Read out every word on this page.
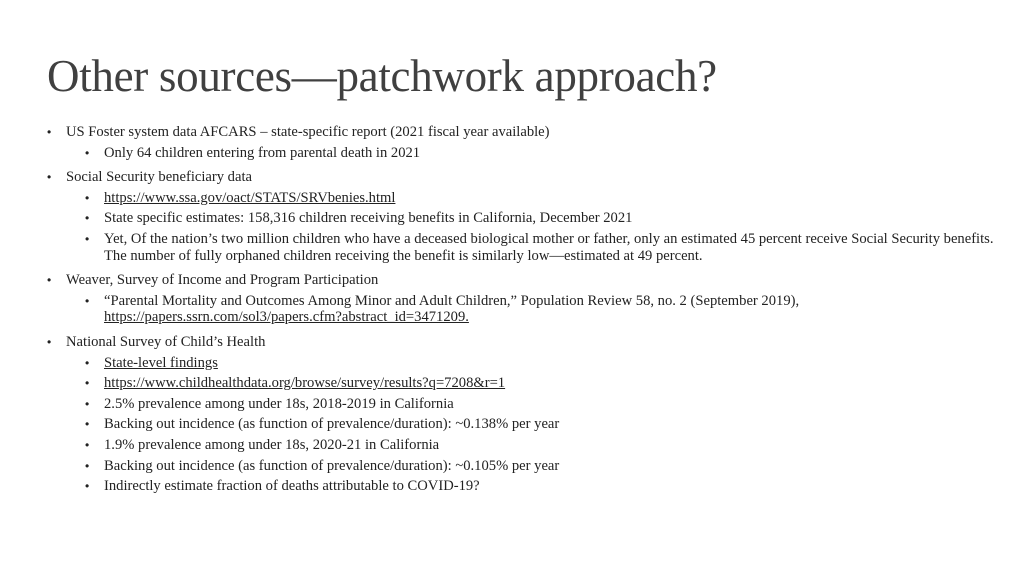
Other sources—patchwork approach?
• US Foster system data AFCARS – state-specific report (2021 fiscal year available)
• Only 64 children entering from parental death in 2021
• Social Security beneficiary data
• https://www.ssa.gov/oact/STATS/SRVbenies.html
• State specific estimates: 158,316 children receiving benefits in California, December 2021
• Yet, Of the nation’s two million children who have a deceased biological mother or father, only an estimated 45 percent receive Social Security benefits. The number of fully orphaned children receiving the benefit is similarly low—estimated at 49 percent.
• Weaver, Survey of Income and Program Participation
• “Parental Mortality and Outcomes Among Minor and Adult Children,” Population Review 58, no. 2 (September 2019),
https://papers.ssrn.com/sol3/papers.cfm?abstract_id=3471209.
• National Survey of Child’s Health
• State-level findings
• https://www.childhealthdata.org/browse/survey/results?q=7208&r=1
• 2.5% prevalence among under 18s, 2018-2019 in California
• Backing out incidence (as function of prevalence/duration): ~0.138% per year
• 1.9% prevalence among under 18s, 2020-21 in California
• Backing out incidence (as function of prevalence/duration): ~0.105% per year
• Indirectly estimate fraction of deaths attributable to COVID-19?
